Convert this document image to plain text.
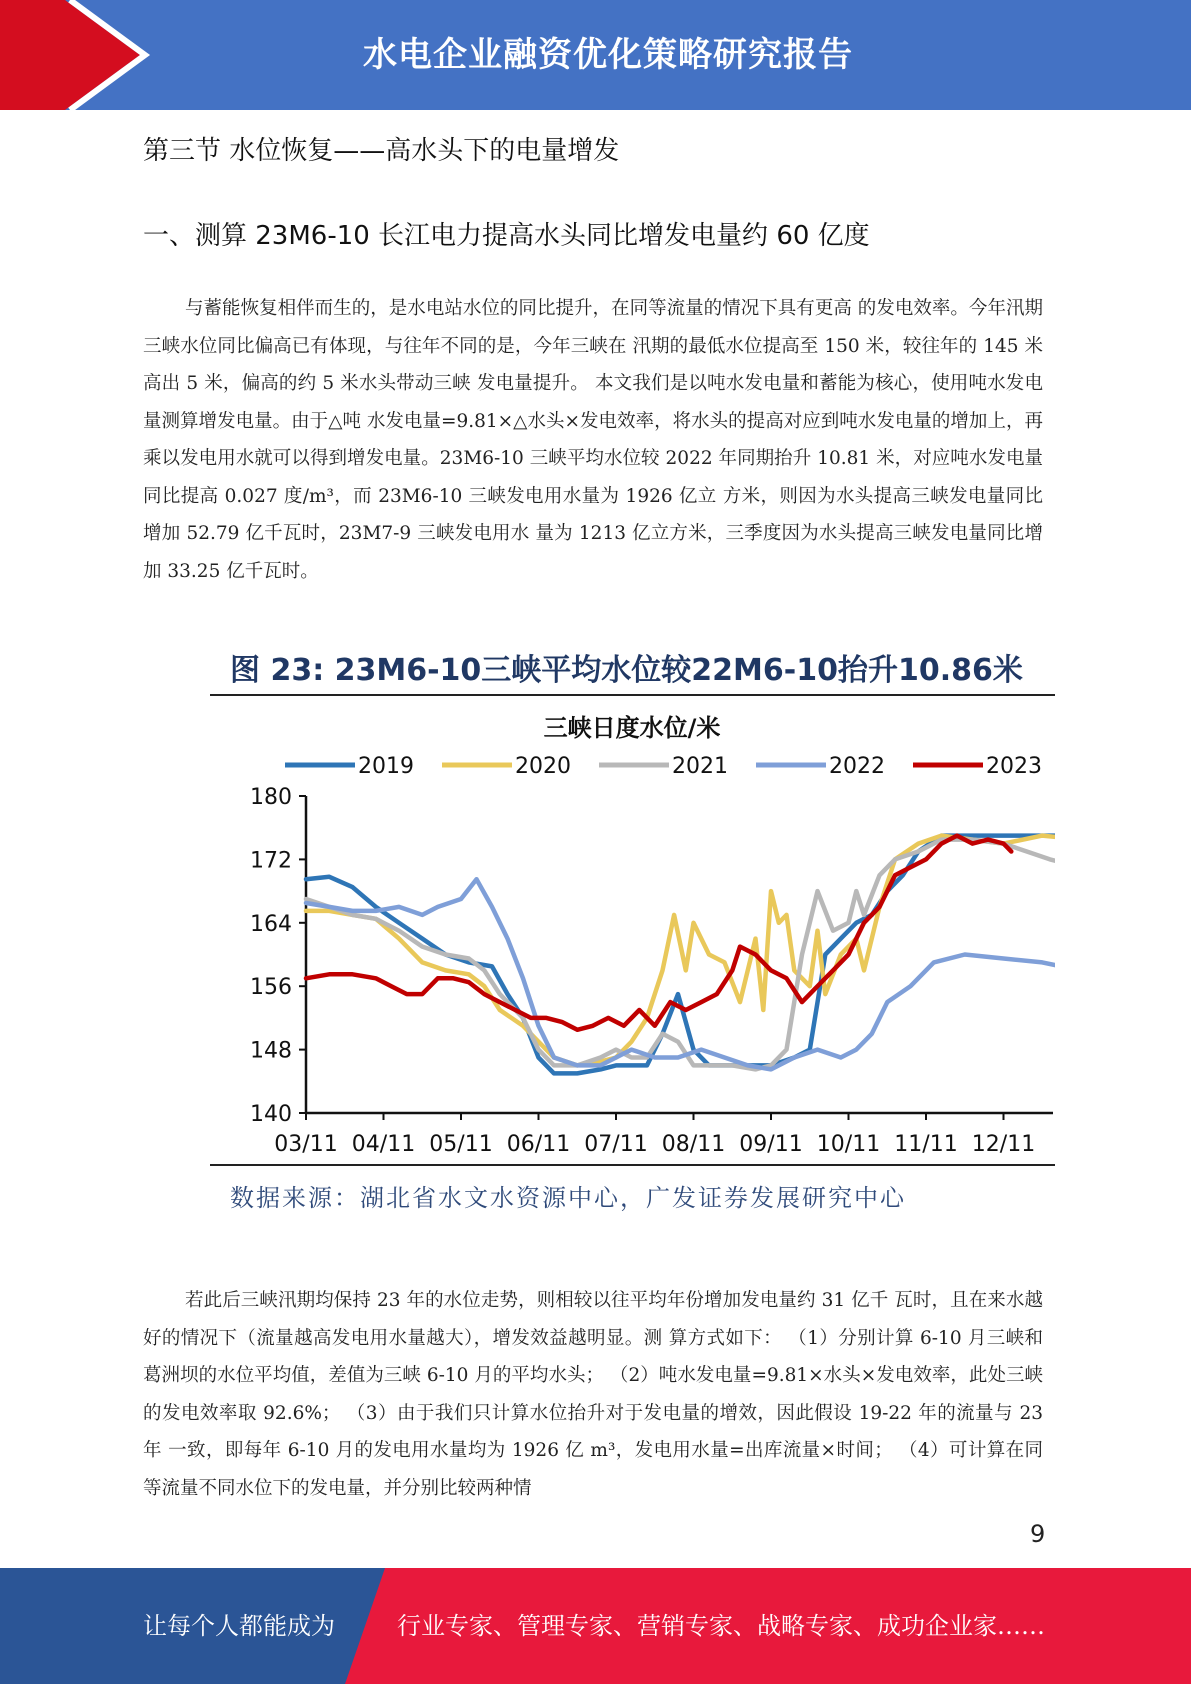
水电企业融资优化策略研究报告
第三节 水位恢复——高水头下的电量增发
一、测算 23M6-10 长江电力提高水头同比增发电量约 60 亿度

与蓄能恢复相伴而生的，是水电站水位的同比提升，在同等流量的情况下具有更高 的发电效率。今年汛期三峡水位同比偏高已有体现，与往年不同的是，今年三峡在 汛期的最低水位提高至 150 米，较往年的 145 米高出 5 米，偏高的约 5 米水头带动三峡 发电量提升。 本文我们是以吨水发电量和蓄能为核心，使用吨水发电量测算增发电量。由于△吨 水发电量=9.81×△水头×发电效率，将水头的提高对应到吨水发电量的增加上，再 乘以发电用水就可以得到增发电量。23M6-10 三峡平均水位较 2022 年同期抬升 10.81 米，对应吨水发电量同比提高 0.027 度/m³，而 23M6-10 三峡发电用水量为 1926 亿立 方米，则因为水头提高三峡发电量同比增加 52.79 亿千瓦时，23M7-9 三峡发电用水 量为 1213 亿立方米，三季度因为水头提高三峡发电量同比增加 33.25 亿千瓦时。

图 23: 23M6-10三峡平均水位较22M6-10抬升10.86米
三峡日度水位/米
2019	2020	2021	2022	2023
180
172
164
156
148
140
03/11 04/11 05/11 06/11 07/11 08/11 09/11 10/11 11/11 12/11
数据来源：湖北省水文水资源中心，广发证券发展研究中心

若此后三峡汛期均保持 23 年的水位走势，则相较以往平均年份增加发电量约 31 亿千 瓦时，且在来水越好的情况下（流量越高发电用水量越大），增发效益越明显。测 算方式如下： （1）分别计算 6-10 月三峡和葛洲坝的水位平均值，差值为三峡 6-10 月的平均水头； （2）吨水发电量=9.81×水头×发电效率，此处三峡的发电效率取 92.6%； （3）由于我们只计算水位抬升对于发电量的增效，因此假设 19-22 年的流量与 23 年 一致，即每年 6-10 月的发电用水量均为 1926 亿 m³，发电用水量=出库流量×时间； （4）可计算在同等流量不同水位下的发电量，并分别比较两种情

9
让每个人都能成为	行业专家、管理专家、营销专家、战略专家、成功企业家……
